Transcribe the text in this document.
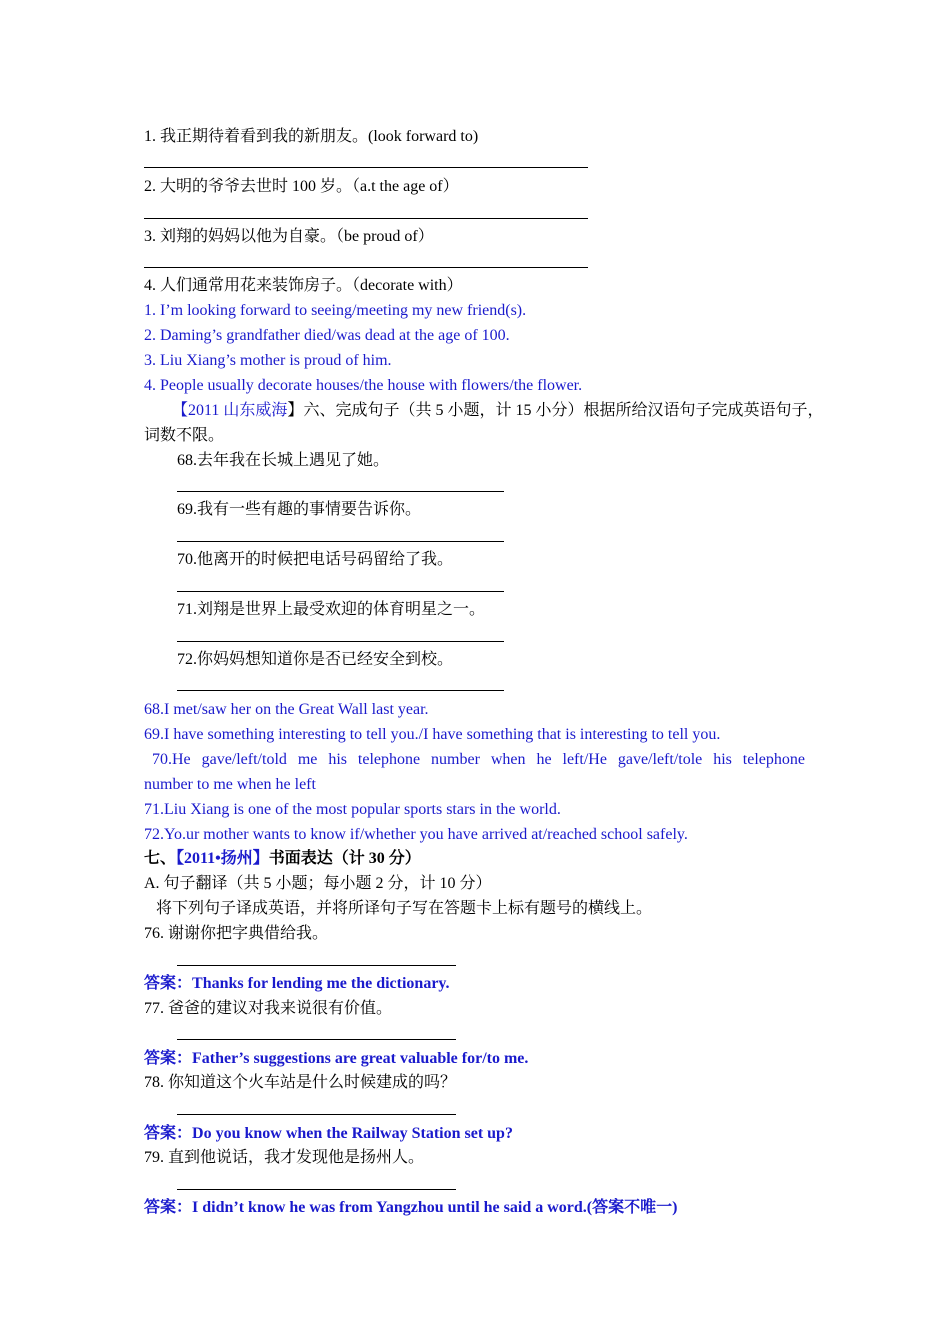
1. 我正期待着看到我的新朋友。(look forward to)
2. 大明的爷爷去世时 100 岁。（a.t the age of）
3. 刘翔的妈妈以他为自豪。（be proud of）
4. 人们通常用花来装饰房子。（decorate with）
1. I’m looking forward to seeing/meeting my new friend(s).
2. Daming’s grandfather died/was dead at the age of 100.
3. Liu Xiang’s mother is proud of him.
4. People usually decorate houses/the house with flowers/the flower.
【2011 山东威海】六、完成句子（共 5 小题，计 15 小分）根据所给汉语句子完成英语句子，
词数不限。
68.去年我在长城上遇见了她。
69.我有一些有趣的事情要告诉你。
70.他离开的时候把电话号码留给了我。
71.刘翔是世界上最受欢迎的体育明星之一。
72.你妈妈想知道你是否已经安全到校。
68.I met/saw her on the Great Wall last year.
69.I have something interesting to tell you./I have something that is interesting to tell you.
70.He gave/left/told me his telephone number when he left/He gave/left/tole his telephone
number to me when he left
71.Liu Xiang is one of the most popular sports stars in the world.
72.Yo.ur mother wants to know if/whether you have arrived at/reached school safely.
七、【2011•扬州】书面表达（计 30 分）
A. 句子翻译（共 5 小题；每小题 2 分，计 10 分）
将下列句子译成英语，并将所译句子写在答题卡上标有题号的横线上。
76. 谢谢你把字典借给我。
答案：Thanks for lending me the dictionary.
77. 爸爸的建议对我来说很有价值。
答案：Father’s suggestions are great valuable for/to me.
78. 你知道这个火车站是什么时候建成的吗？
答案：Do you know when the Railway Station set up?
79. 直到他说话，我才发现他是扬州人。
答案：I didn’t know he was from Yangzhou until he said a word.(答案不唯一)
